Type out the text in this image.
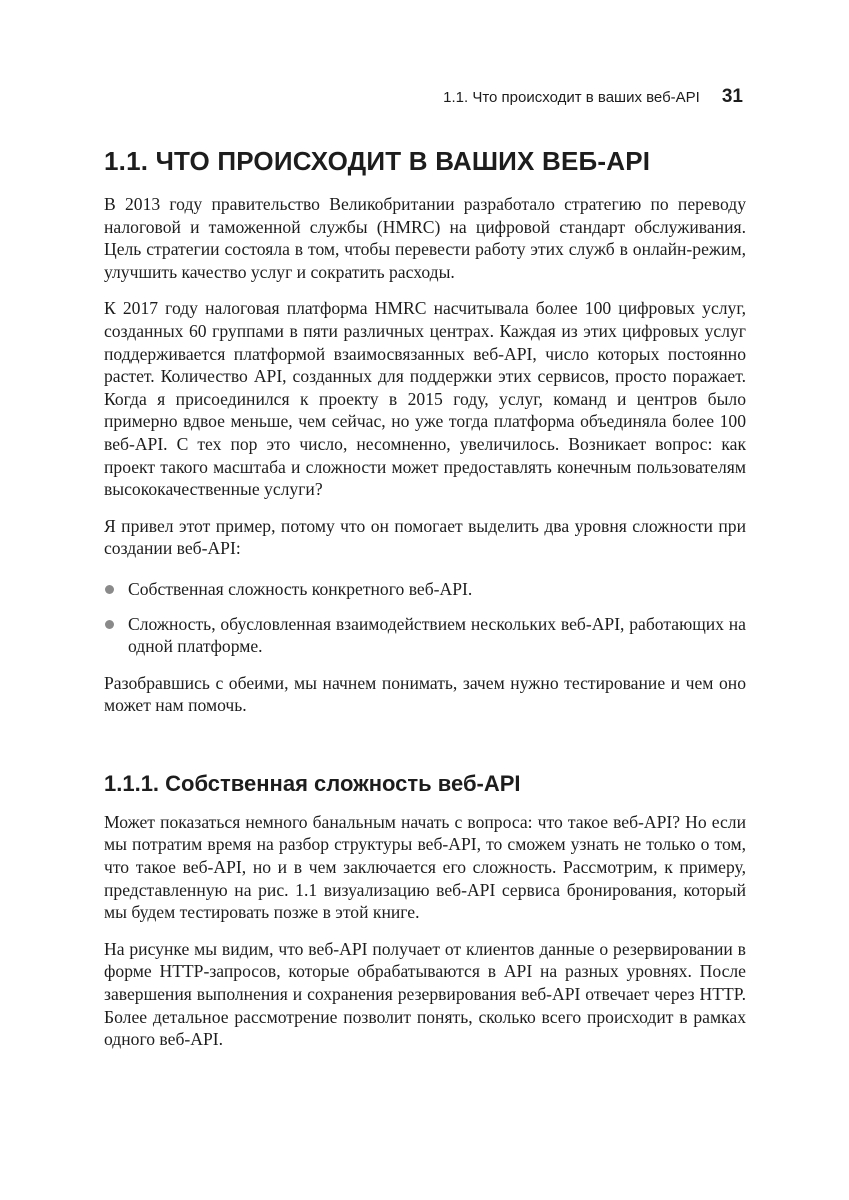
1.1. Что происходит в ваших веб-API 31
1.1. ЧТО ПРОИСХОДИТ В ВАШИХ ВЕБ-API

В 2013 году правительство Великобритании разработало стратегию по переводу налоговой и таможенной службы (HMRC) на цифровой стандарт обслуживания. Цель стратегии состояла в том, чтобы перевести работу этих служб в онлайн-режим, улучшить качество услуг и сократить расходы.

К 2017 году налоговая платформа HMRC насчитывала более 100 цифровых услуг, созданных 60 группами в пяти различных центрах. Каждая из этих цифровых услуг поддерживается платформой взаимосвязанных веб-API, число которых постоянно растет. Количество API, созданных для поддержки этих сервисов, просто поражает. Когда я присоединился к проекту в 2015 году, услуг, команд и центров было примерно вдвое меньше, чем сейчас, но уже тогда платформа объединяла более 100 веб-API. С тех пор это число, несомненно, увеличилось. Возникает вопрос: как проект такого масштаба и сложности может предоставлять конечным пользователям высококачественные услуги?

Я привел этот пример, потому что он помогает выделить два уровня сложности при создании веб-API:

Собственная сложность конкретного веб-API.
Сложность, обусловленная взаимодействием нескольких веб-API, работающих на одной платформе.

Разобравшись с обеими, мы начнем понимать, зачем нужно тестирование и чем оно может нам помочь.

1.1.1. Собственная сложность веб-API

Может показаться немного банальным начать с вопроса: что такое веб-API? Но если мы потратим время на разбор структуры веб-API, то сможем узнать не только о том, что такое веб-API, но и в чем заключается его сложность. Рассмотрим, к примеру, представленную на рис. 1.1 визуализацию веб-API сервиса бронирования, который мы будем тестировать позже в этой книге.

На рисунке мы видим, что веб-API получает от клиентов данные о резервировании в форме HTTP-запросов, которые обрабатываются в API на разных уровнях. После завершения выполнения и сохранения резервирования веб-API отвечает через HTTP. Более детальное рассмотрение позволит понять, сколько всего происходит в рамках одного веб-API.
